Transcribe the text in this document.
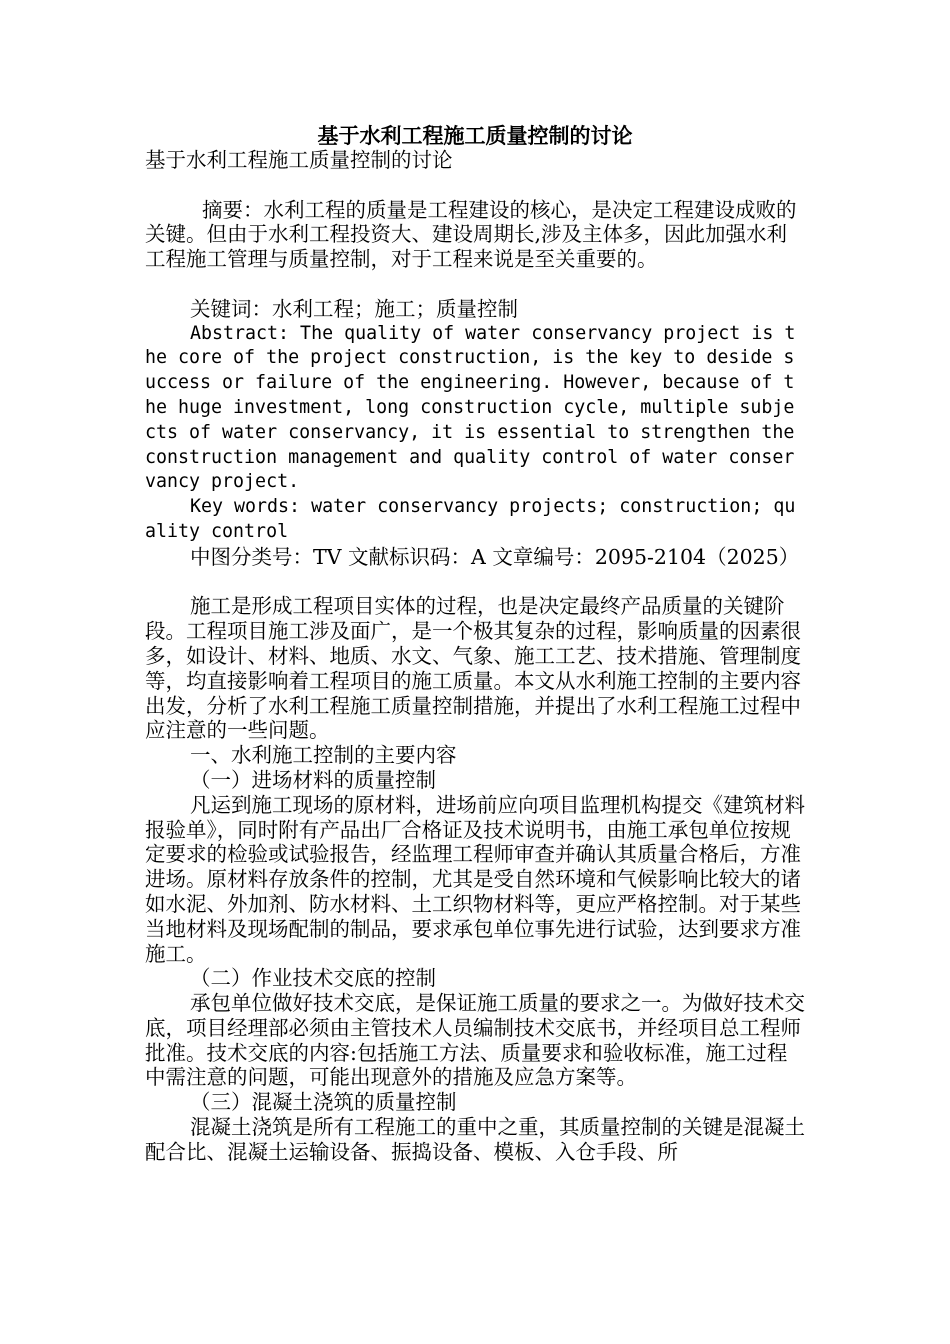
基于水利工程施工质量控制的讨论

基于水利工程施工质量控制的讨论

摘要：水利工程的质量是工程建设的核心，是决定工程建设成败的关键。但由于水利工程投资大、建设周期长,涉及主体多，因此加强水利工程施工管理与质量控制，对于工程来说是至关重要的。

关键词：水利工程；施工；质量控制

Abstract: The quality of water conservancy project is the core of the project construction, is the key to deside success or failure of the engineering. However, because of the huge investment, long construction cycle, multiple subjects of water conservancy, it is essential to strengthen the construction management and quality control of water conservancy project.

Key words: water conservancy projects; construction; quality control

中图分类号：TV 文献标识码：A 文章编号：2095-2104（2025）

施工是形成工程项目实体的过程，也是决定最终产品质量的关键阶段。工程项目施工涉及面广，是一个极其复杂的过程，影响质量的因素很多，如设计、材料、地质、水文、气象、施工工艺、技术措施、管理制度等，均直接影响着工程项目的施工质量。本文从水利施工控制的主要内容出发，分析了水利工程施工质量控制措施，并提出了水利工程施工过程中应注意的一些问题。

一、水利施工控制的主要内容

（一）进场材料的质量控制

凡运到施工现场的原材料，进场前应向项目监理机构提交《建筑材料报验单》，同时附有产品出厂合格证及技术说明书，由施工承包单位按规定要求的检验或试验报告，经监理工程师审查并确认其质量合格后，方准进场。原材料存放条件的控制，尤其是受自然环境和气候影响比较大的诸如水泥、外加剂、防水材料、土工织物材料等，更应严格控制。对于某些当地材料及现场配制的制品，要求承包单位事先进行试验，达到要求方准施工。

（二）作业技术交底的控制

承包单位做好技术交底，是保证施工质量的要求之一。为做好技术交底，项目经理部必须由主管技术人员编制技术交底书，并经项目总工程师批准。技术交底的内容:包括施工方法、质量要求和验收标准，施工过程中需注意的问题，可能出现意外的措施及应急方案等。

（三）混凝土浇筑的质量控制

混凝土浇筑是所有工程施工的重中之重，其质量控制的关键是混凝土配合比、混凝土运输设备、振捣设备、模板、入仓手段、所
